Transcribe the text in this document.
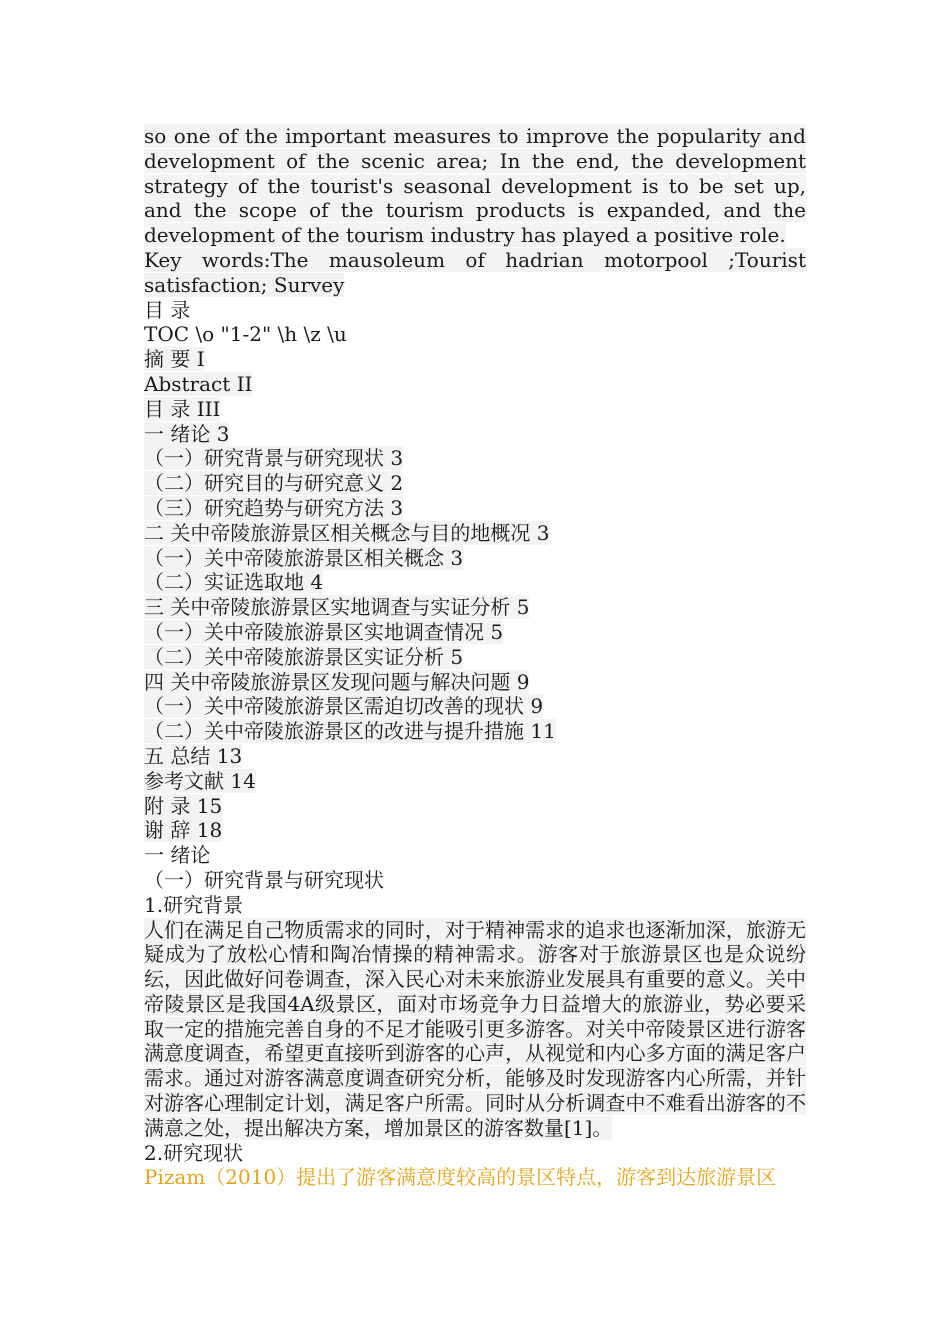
so one of the important measures to improve the popularity and development of the scenic area; In the end, the development strategy of the tourist's seasonal development is to be set up, and the scope of the tourism products is expanded, and the development of the tourism industry has played a positive role.
Key words:The mausoleum of hadrian motorpool ;Tourist satisfaction; Survey
目 录
TOC \o "1-2" \h \z \u
摘 要 I
Abstract II
目 录 III
一 绪论 3
（一）研究背景与研究现状 3
（二）研究目的与研究意义 2
（三）研究趋势与研究方法 3
二 关中帝陵旅游景区相关概念与目的地概况 3
（一）关中帝陵旅游景区相关概念 3
（二）实证选取地 4
三 关中帝陵旅游景区实地调查与实证分析 5
（一）关中帝陵旅游景区实地调查情况 5
（二）关中帝陵旅游景区实证分析 5
四 关中帝陵旅游景区发现问题与解决问题 9
（一）关中帝陵旅游景区需迫切改善的现状 9
（二）关中帝陵旅游景区的改进与提升措施 11
五 总结 13
参考文献 14
附 录 15
谢 辞 18
一 绪论
（一）研究背景与研究现状
1.研究背景
人们在满足自己物质需求的同时，对于精神需求的追求也逐渐加深，旅游无疑成为了放松心情和陶冶情操的精神需求。游客对于旅游景区也是众说纷纭，因此做好问卷调查，深入民心对未来旅游业发展具有重要的意义。关中帝陵景区是我国4A级景区，面对市场竞争力日益增大的旅游业，势必要采取一定的措施完善自身的不足才能吸引更多游客。对关中帝陵景区进行游客满意度调查，希望更直接听到游客的心声，从视觉和内心多方面的满足客户需求。通过对游客满意度调查研究分析，能够及时发现游客内心所需，并针对游客心理制定计划，满足客户所需。同时从分析调查中不难看出游客的不满意之处，提出解决方案，增加景区的游客数量[1]。
2.研究现状
Pizam（2010）提出了游客满意度较高的景区特点，游客到达旅游景区
